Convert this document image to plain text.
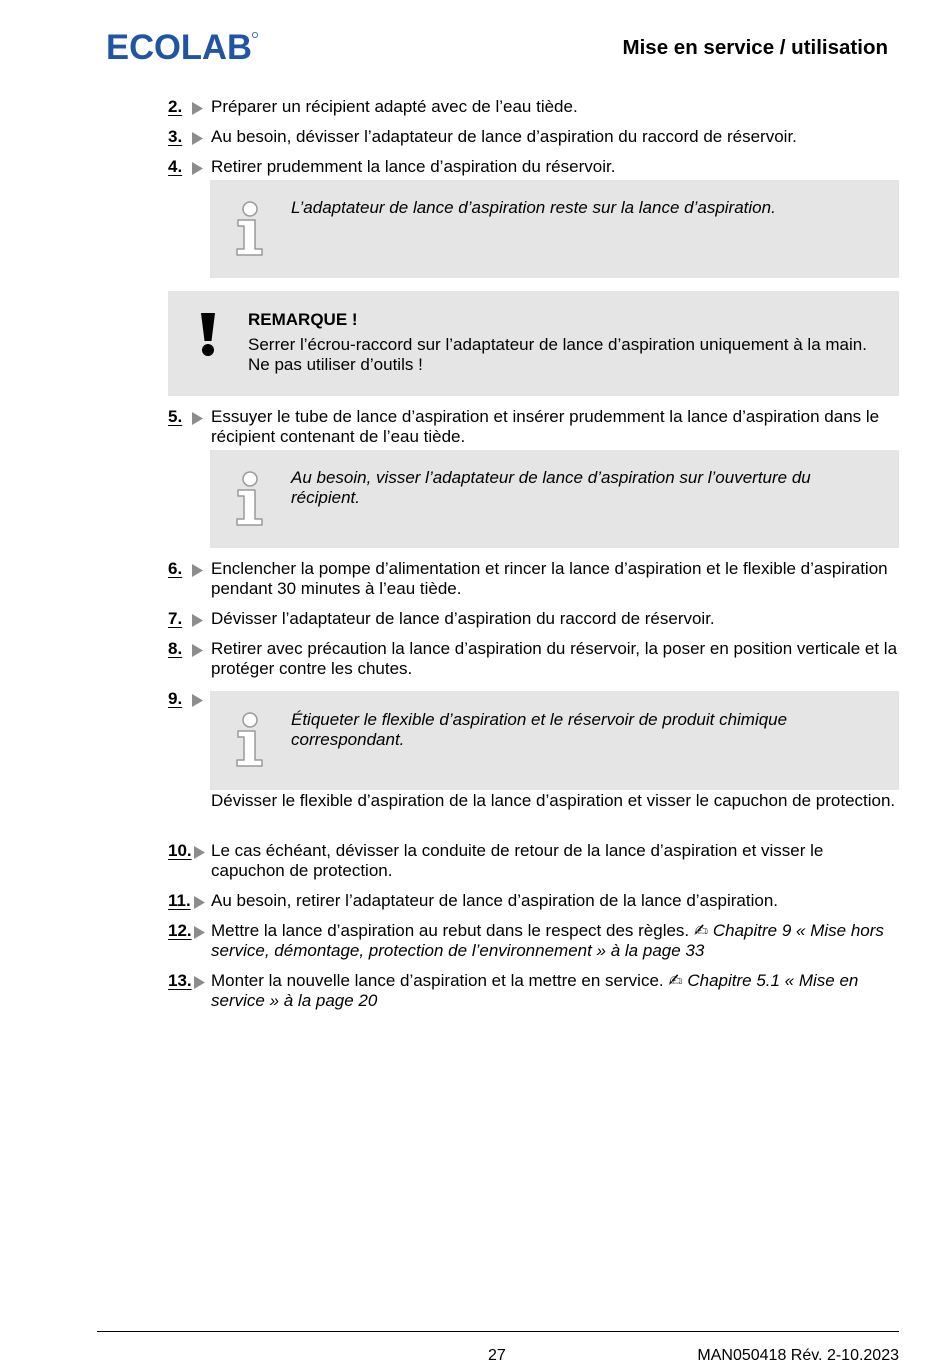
ECOLAB	Mise en service / utilisation
2. Préparer un récipient adapté avec de l’eau tiède.
3. Au besoin, dévisser l’adaptateur de lance d’aspiration du raccord de réservoir.
4. Retirer prudemment la lance d’aspiration du réservoir.
L’adaptateur de lance d’aspiration reste sur la lance d’aspiration.
REMARQUE !
Serrer l’écrou-raccord sur l’adaptateur de lance d’aspiration uniquement à la main. Ne pas utiliser d’outils !
5. Essuyer le tube de lance d’aspiration et insérer prudemment la lance d’aspiration dans le récipient contenant de l’eau tiède.
Au besoin, visser l’adaptateur de lance d’aspiration sur l’ouverture du récipient.
6. Enclencher la pompe d’alimentation et rincer la lance d’aspiration et le flexible d’aspiration pendant 30 minutes à l’eau tiède.
7. Dévisser l’adaptateur de lance d’aspiration du raccord de réservoir.
8. Retirer avec précaution la lance d’aspiration du réservoir, la poser en position verticale et la protéger contre les chutes.
9.
Étiqueter le flexible d’aspiration et le réservoir de produit chimique correspondant.
Dévisser le flexible d’aspiration de la lance d’aspiration et visser le capuchon de protection.
10. Le cas échéant, dévisser la conduite de retour de la lance d’aspiration et visser le capuchon de protection.
11. Au besoin, retirer l’adaptateur de lance d’aspiration de la lance d’aspiration.
12. Mettre la lance d’aspiration au rebut dans le respect des règles. ✍ Chapitre 9 « Mise hors service, démontage, protection de l’environnement » à la page 33
13. Monter la nouvelle lance d’aspiration et la mettre en service. ✍ Chapitre 5.1 « Mise en service » à la page 20
27	MAN050418 Rév. 2-10.2023
